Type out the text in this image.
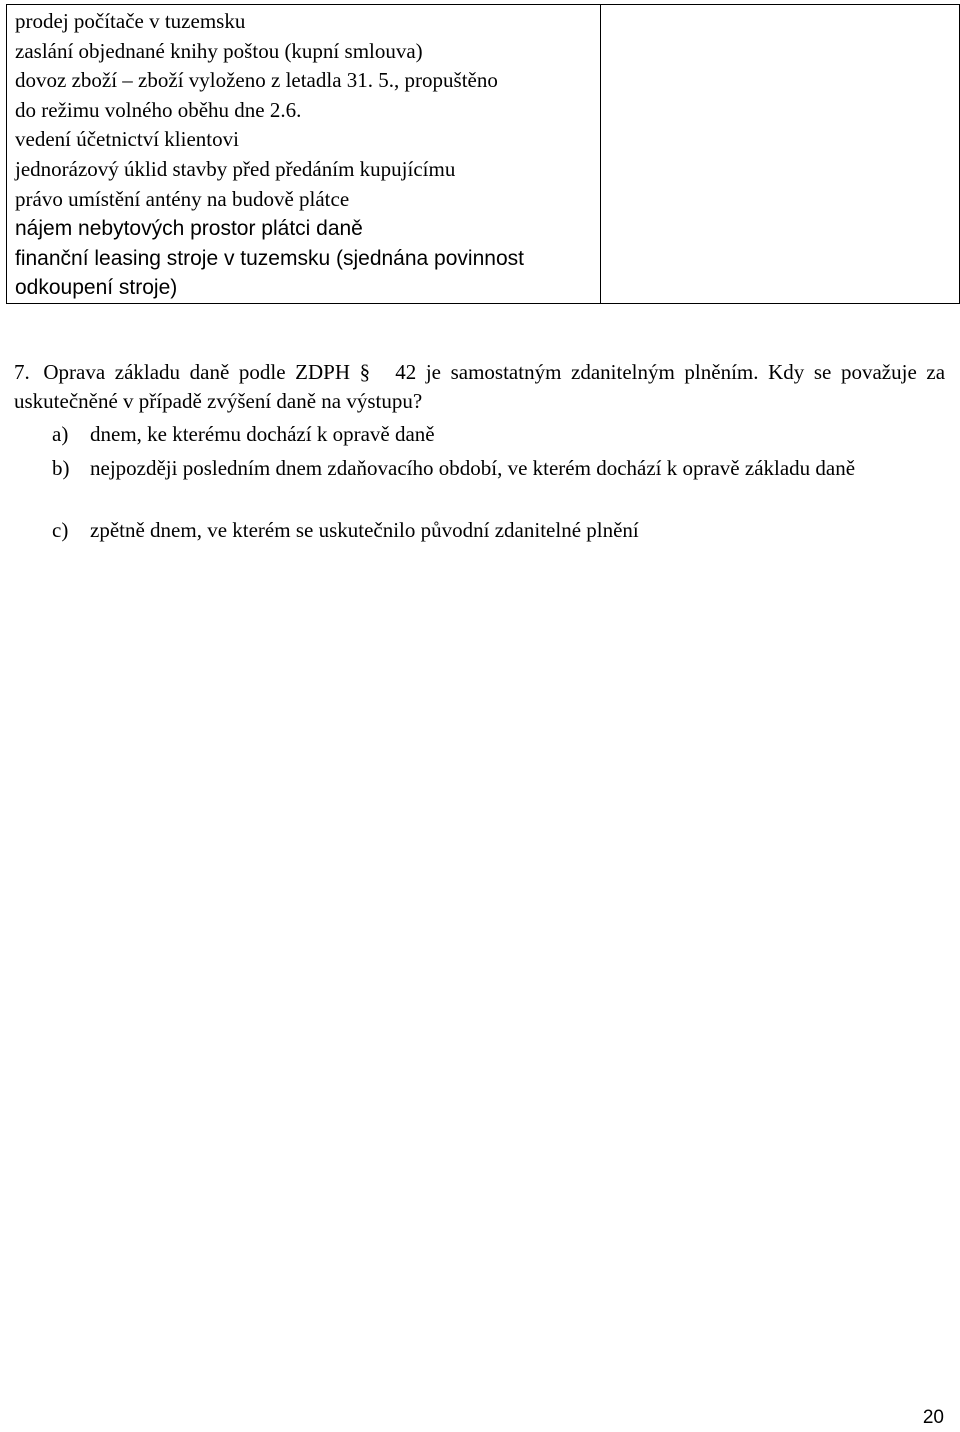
prodej počítače v tuzemsku
zaslání objednané knihy poštou (kupní smlouva)
dovoz zboží – zboží vyloženo z letadla 31. 5., propuštěno
do režimu volného oběhu dne 2.6.
vedení účetnictví klientovi
jednorázový úklid stavby před předáním kupujícímu
právo umístění antény na budově plátce
nájem nebytových prostor plátci daně
finanční leasing stroje v tuzemsku (sjednána povinnost
odkoupení stroje)

7. Oprava základu daně podle ZDPH § 42 je samostatným zdanitelným plněním. Kdy se považuje za uskutečněné v případě zvýšení daně na výstupu?
a) dnem, ke kterému dochází k opravě daně
b) nejpozději posledním dnem zdaňovacího období, ve kterém dochází k opravě základu daně
c) zpětně dnem, ve kterém se uskutečnilo původní zdanitelné plnění
20
